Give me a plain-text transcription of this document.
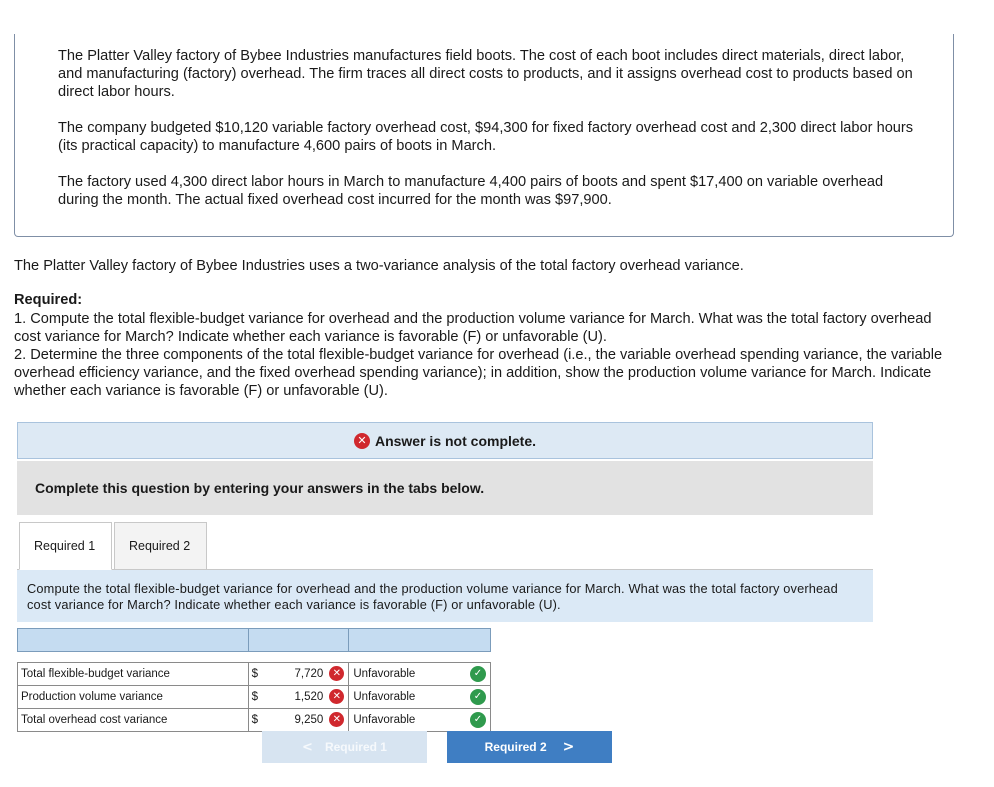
The Platter Valley factory of Bybee Industries manufactures field boots. The cost of each boot includes direct materials, direct labor, and manufacturing (factory) overhead. The firm traces all direct costs to products, and it assigns overhead cost to products based on direct labor hours.

The company budgeted $10,120 variable factory overhead cost, $94,300 for fixed factory overhead cost and 2,300 direct labor hours (its practical capacity) to manufacture 4,600 pairs of boots in March.

The factory used 4,300 direct labor hours in March to manufacture 4,400 pairs of boots and spent $17,400 on variable overhead during the month. The actual fixed overhead cost incurred for the month was $97,900.

The Platter Valley factory of Bybee Industries uses a two-variance analysis of the total factory overhead variance.
Required:
1. Compute the total flexible-budget variance for overhead and the production volume variance for March. What was the total factory overhead cost variance for March? Indicate whether each variance is favorable (F) or unfavorable (U).
2. Determine the three components of the total flexible-budget variance for overhead (i.e., the variable overhead spending variance, the variable overhead efficiency variance, and the fixed overhead spending variance); in addition, show the production volume variance for March. Indicate whether each variance is favorable (F) or unfavorable (U).
✕ Answer is not complete.
Complete this question by entering your answers in the tabs below.
Required 1	Required 2
Compute the total flexible-budget variance for overhead and the production volume variance for March. What was the total factory overhead cost variance for March? Indicate whether each variance is favorable (F) or unfavorable (U).

Total flexible-budget variance	$ 7,720 ✕	Unfavorable ✓

Production volume variance	$ 1,520 ✕	Unfavorable ✓

Total overhead cost variance	$ 9,250 ✕	Unfavorable ✓
< Required 1	Required 2 >
